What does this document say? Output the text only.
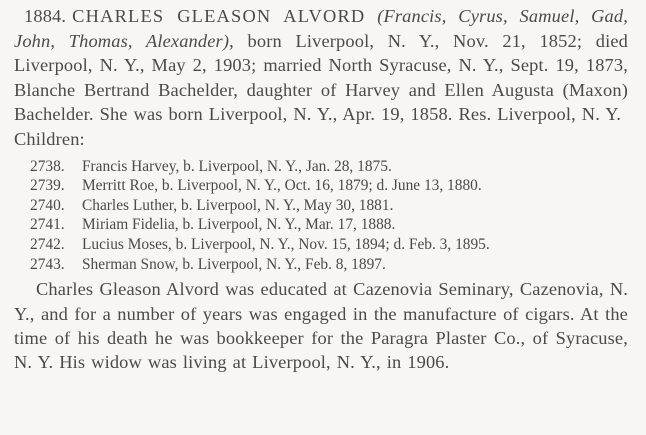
1884. CHARLES GLEASON ALVORD (Francis, Cyrus, Samuel, Gad, John, Thomas, Alexander), born Liverpool, N. Y., Nov. 21, 1852; died Liverpool, N. Y., May 2, 1903; married North Syracuse, N. Y., Sept. 19, 1873, Blanche Bertrand Bachelder, daughter of Harvey and Ellen Augusta (Maxon) Bachelder. She was born Liverpool, N. Y., Apr. 19, 1858. Res. Liverpool, N. Y.
Children:

2738.	Francis Harvey, b. Liverpool, N. Y., Jan. 28, 1875.
2739.	Merritt Roe, b. Liverpool, N. Y., Oct. 16, 1879; d. June 13, 1880.
2740.	Charles Luther, b. Liverpool, N. Y., May 30, 1881.
2741.	Miriam Fidelia, b. Liverpool, N. Y., Mar. 17, 1888.
2742.	Lucius Moses, b. Liverpool, N. Y., Nov. 15, 1894; d. Feb. 3, 1895.
2743.	Sherman Snow, b. Liverpool, N. Y., Feb. 8, 1897.

Charles Gleason Alvord was educated at Cazenovia Seminary, Cazenovia, N. Y., and for a number of years was engaged in the manufacture of cigars. At the time of his death he was bookkeeper for the Paragra Plaster Co., of Syracuse, N. Y. His widow was living at Liverpool, N. Y., in 1906.
